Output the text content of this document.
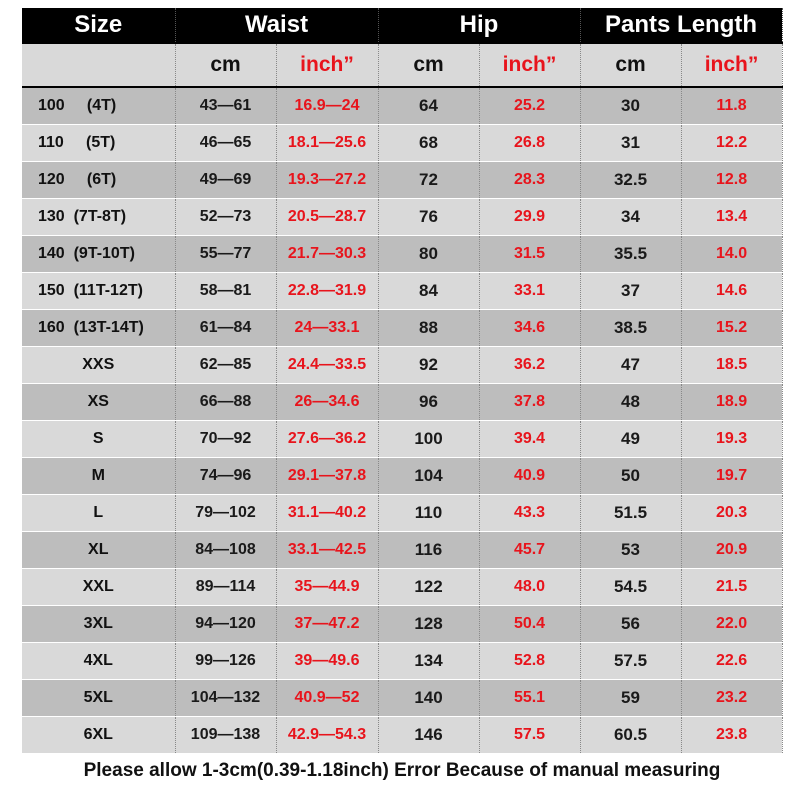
Size	Waist		Hip		Pants Length	
	cm	inch”	cm	inch”	cm	inch”
100     (4T)	43—61	16.9—24	64	25.2	30	11.8
110     (5T)	46—65	18.1—25.6	68	26.8	31	12.2
120     (6T)	49—69	19.3—27.2	72	28.3	32.5	12.8
130  (7T-8T)	52—73	20.5—28.7	76	29.9	34	13.4
140  (9T-10T)	55—77	21.7—30.3	80	31.5	35.5	14.0
150  (11T-12T)	58—81	22.8—31.9	84	33.1	37	14.6
160  (13T-14T)	61—84	24—33.1	88	34.6	38.5	15.2
XXS	62—85	24.4—33.5	92	36.2	47	18.5
XS	66—88	26—34.6	96	37.8	48	18.9
S	70—92	27.6—36.2	100	39.4	49	19.3
M	74—96	29.1—37.8	104	40.9	50	19.7
L	79—102	31.1—40.2	110	43.3	51.5	20.3
XL	84—108	33.1—42.5	116	45.7	53	20.9
XXL	89—114	35—44.9	122	48.0	54.5	21.5
3XL	94—120	37—47.2	128	50.4	56	22.0
4XL	99—126	39—49.6	134	52.8	57.5	22.6
5XL	104—132	40.9—52	140	55.1	59	23.2
6XL	109—138	42.9—54.3	146	57.5	60.5	23.8
Please allow 1-3cm(0.39-1.18inch) Error Because of manual measuring
